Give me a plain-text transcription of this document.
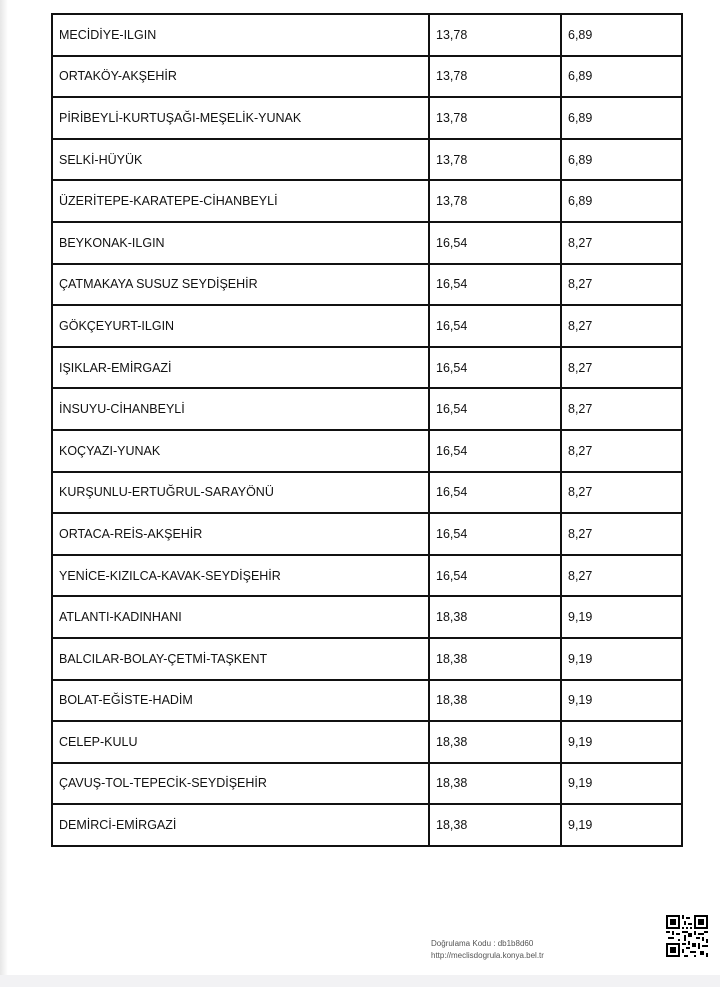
MECİDİYE-ILGIN	13,78	6,89
ORTAKÖY-AKŞEHİR	13,78	6,89
PİRİBEYLİ-KURTUŞAĞI-MEŞELİK-YUNAK	13,78	6,89
SELKİ-HÜYÜK	13,78	6,89
ÜZERİTEPE-KARATEPE-CİHANBEYLİ	13,78	6,89
BEYKONAK-ILGIN	16,54	8,27
ÇATMAKAYA SUSUZ SEYDİŞEHİR	16,54	8,27
GÖKÇEYURT-ILGIN	16,54	8,27
IŞIKLAR-EMİRGAZİ	16,54	8,27
İNSUYU-CİHANBEYLİ	16,54	8,27
KOÇYAZI-YUNAK	16,54	8,27
KURŞUNLU-ERTUĞRUL-SARAYÖNÜ	16,54	8,27
ORTACA-REİS-AKŞEHİR	16,54	8,27
YENİCE-KIZILCA-KAVAK-SEYDİŞEHİR	16,54	8,27
ATLANTI-KADINHANI	18,38	9,19
BALCILAR-BOLAY-ÇETMİ-TAŞKENT	18,38	9,19
BOLAT-EĞİSTE-HADİM	18,38	9,19
CELEP-KULU	18,38	9,19
ÇAVUŞ-TOL-TEPECİK-SEYDİŞEHİR	18,38	9,19
DEMİRCİ-EMİRGAZİ	18,38	9,19
Doğrulama Kodu : db1b8d60
http://meclisdogrula.konya.bel.tr
